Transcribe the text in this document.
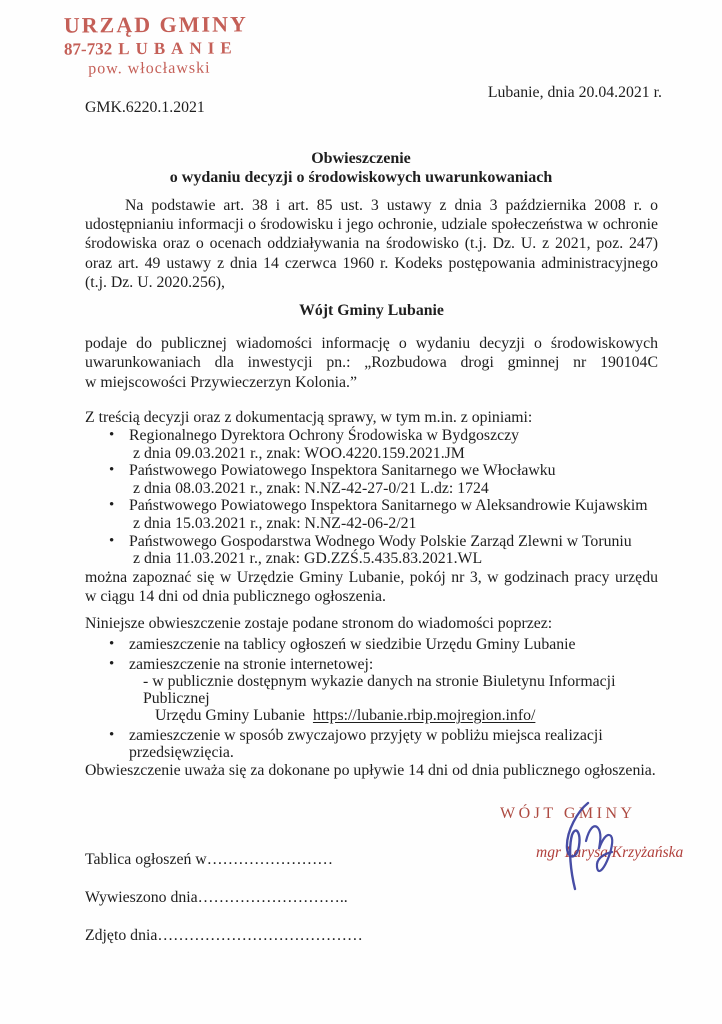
URZĄD GMINY
87-732 LUBANIE
pow. włocławski
Lubanie, dnia 20.04.2021 r.
GMK.6220.1.2021
Obwieszczenie
o wydaniu decyzji o środowiskowych uwarunkowaniach

Na podstawie art. 38 i art. 85 ust. 3 ustawy z dnia 3 października 2008 r. o udostępnianiu informacji o środowisku i jego ochronie, udziale społeczeństwa w ochronie środowiska oraz o ocenach oddziaływania na środowisko (t.j. Dz. U. z 2021, poz. 247) oraz art. 49 ustawy z dnia 14 czerwca 1960 r. Kodeks postępowania administracyjnego (t.j. Dz. U. 2020.256),

Wójt Gminy Lubanie

podaje do publicznej wiadomości informację o wydaniu decyzji o środowiskowych uwarunkowaniach dla inwestycji pn.: „Rozbudowa drogi gminnej nr 190104C w miejscowości Przywieczerzyn Kolonia.”

Z treścią decyzji oraz z dokumentacją sprawy, w tym m.in. z opiniami:

• Regionalnego Dyrektora Ochrony Środowiska w Bydgoszczy
z dnia 09.03.2021 r., znak: WOO.4220.159.2021.JM
• Państwowego Powiatowego Inspektora Sanitarnego we Włocławku
z dnia 08.03.2021 r., znak: N.NZ-42-27-0/21 L.dz: 1724
• Państwowego Powiatowego Inspektora Sanitarnego w Aleksandrowie Kujawskim
z dnia 15.03.2021 r., znak: N.NZ-42-06-2/21
• Państwowego Gospodarstwa Wodnego Wody Polskie Zarząd Zlewni w Toruniu
z dnia 11.03.2021 r., znak: GD.ZZŚ.5.435.83.2021.WL

można zapoznać się w Urzędzie Gminy Lubanie, pokój nr 3, w godzinach pracy urzędu w ciągu 14 dni od dnia publicznego ogłoszenia.

Niniejsze obwieszczenie zostaje podane stronom do wiadomości poprzez:

• zamieszczenie na tablicy ogłoszeń w siedzibie Urzędu Gminy Lubanie
• zamieszczenie na stronie internetowej:
- w publicznie dostępnym wykazie danych na stronie Biuletynu Informacji Publicznej
Urzędu Gminy Lubanie https://lubanie.rbip.mojregion.info/
• zamieszczenie w sposób zwyczajowo przyjęty w pobliżu miejsca realizacji przedsięwzięcia.

Obwieszczenie uważa się za dokonane po upływie 14 dni od dnia publicznego ogłoszenia.

WÓJT GMINY
mgr Larysa Krzyżańska
Tablica ogłoszeń w……………………
Wywieszono dnia………………………..
Zdjęto dnia…………………………………
